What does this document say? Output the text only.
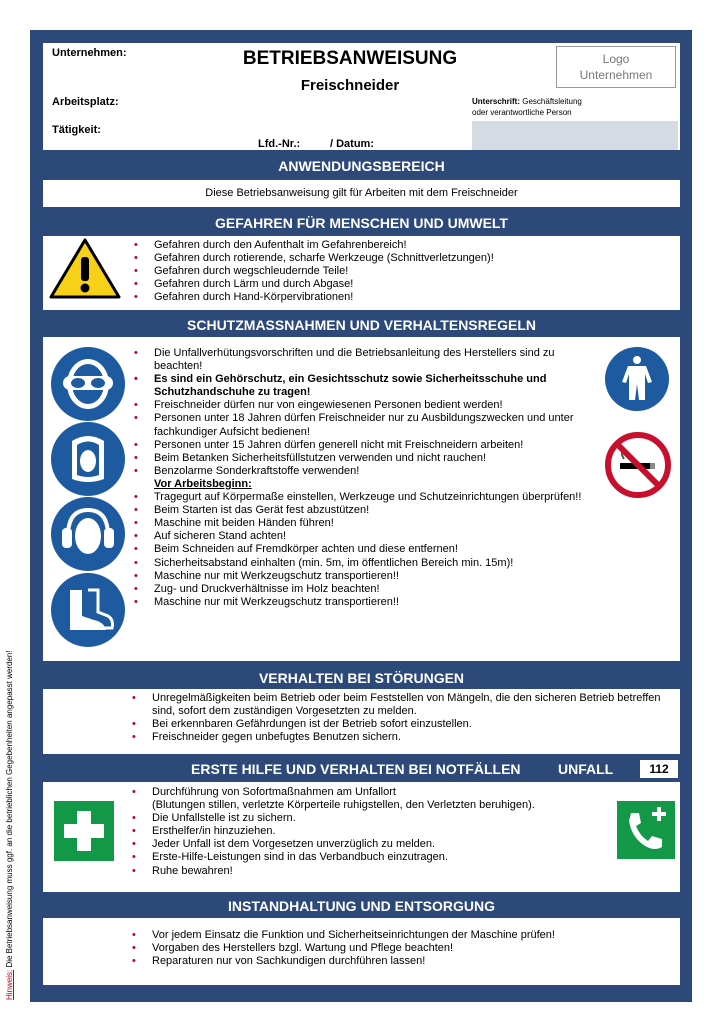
Unternehmen:	BETRIEBSANWEISUNG
Freischneider
Logo
Unternehmen
Arbeitsplatz:	Unterschrift: Geschäftsleitung
oder verantwortliche Person
Tätigkeit:
Lfd.-Nr.:	/ Datum:
ANWENDUNGSBEREICH
Diese Betriebsanweisung gilt für Arbeiten mit dem Freischneider
GEFAHREN FÜR MENSCHEN UND UMWELT
• Gefahren durch den Aufenthalt im Gefahrenbereich!
• Gefahren durch rotierende, scharfe Werkzeuge (Schnittverletzungen)!
• Gefahren durch wegschleudernde Teile!
• Gefahren durch Lärm und durch Abgase!
• Gefahren durch Hand-Körpervibrationen!
SCHUTZMASSNAHMEN UND VERHALTENSREGELN
• Die Unfallverhütungsvorschriften und die Betriebsanleitung des Herstellers sind zu beachten!
• Es sind ein Gehörschutz, ein Gesichtsschutz sowie Sicherheitsschuhe und Schutzhandschuhe zu tragen!
• Freischneider dürfen nur von eingewiesenen Personen bedient werden!
• Personen unter 18 Jahren dürfen Freischneider nur zu Ausbildungszwecken und unter fachkundiger Aufsicht bedienen!
• Personen unter 15 Jahren dürfen generell nicht mit Freischneidern arbeiten!
• Beim Betanken Sicherheitsfüllstutzen verwenden und nicht rauchen!
• Benzolarme Sonderkraftstoffe verwenden!
Vor Arbeitsbeginn:
• Tragegurt auf Körpermaße einstellen, Werkzeuge und Schutzeinrichtungen überprüfen!!
• Beim Starten ist das Gerät fest abzustützen!
• Maschine mit beiden Händen führen!
• Auf sicheren Stand achten!
• Beim Schneiden auf Fremdkörper achten und diese entfernen!
• Sicherheitsabstand einhalten (min. 5m, im öffentlichen Bereich min. 15m)!
• Maschine nur mit Werkzeugschutz transportieren!!
• Zug- und Druckverhältnisse im Holz beachten!
• Maschine nur mit Werkzeugschutz transportieren!!
VERHALTEN BEI STÖRUNGEN
• Unregelmäßigkeiten beim Betrieb oder beim Feststellen von Mängeln, die den sicheren Betrieb betreffen sind, sofort dem zuständigen Vorgesetzten zu melden.
• Bei erkennbaren Gefährdungen ist der Betrieb sofort einzustellen.
• Freischneider gegen unbefugtes Benutzen sichern.
ERSTE HILFE UND VERHALTEN BEI NOTFÄLLEN	UNFALL	112
• Durchführung von Sofortmaßnahmen am Unfallort
(Blutungen stillen, verletzte Körperteile ruhigstellen, den Verletzten beruhigen).
• Die Unfallstelle ist zu sichern.
• Ersthelfer/in hinzuziehen.
• Jeder Unfall ist dem Vorgesetzen unverzüglich zu melden.
• Erste-Hilfe-Leistungen sind in das Verbandbuch einzutragen.
• Ruhe bewahren!
INSTANDHALTUNG UND ENTSORGUNG
• Vor jedem Einsatz die Funktion und Sicherheitseinrichtungen der Maschine prüfen!
• Vorgaben des Herstellers bzgl. Wartung und Pflege beachten!
• Reparaturen nur von Sachkundigen durchführen lassen!
Hinweis: Die Betriebsanweisung muss ggf. an die betrieblichen Gegebenheiten angepasst werden!
